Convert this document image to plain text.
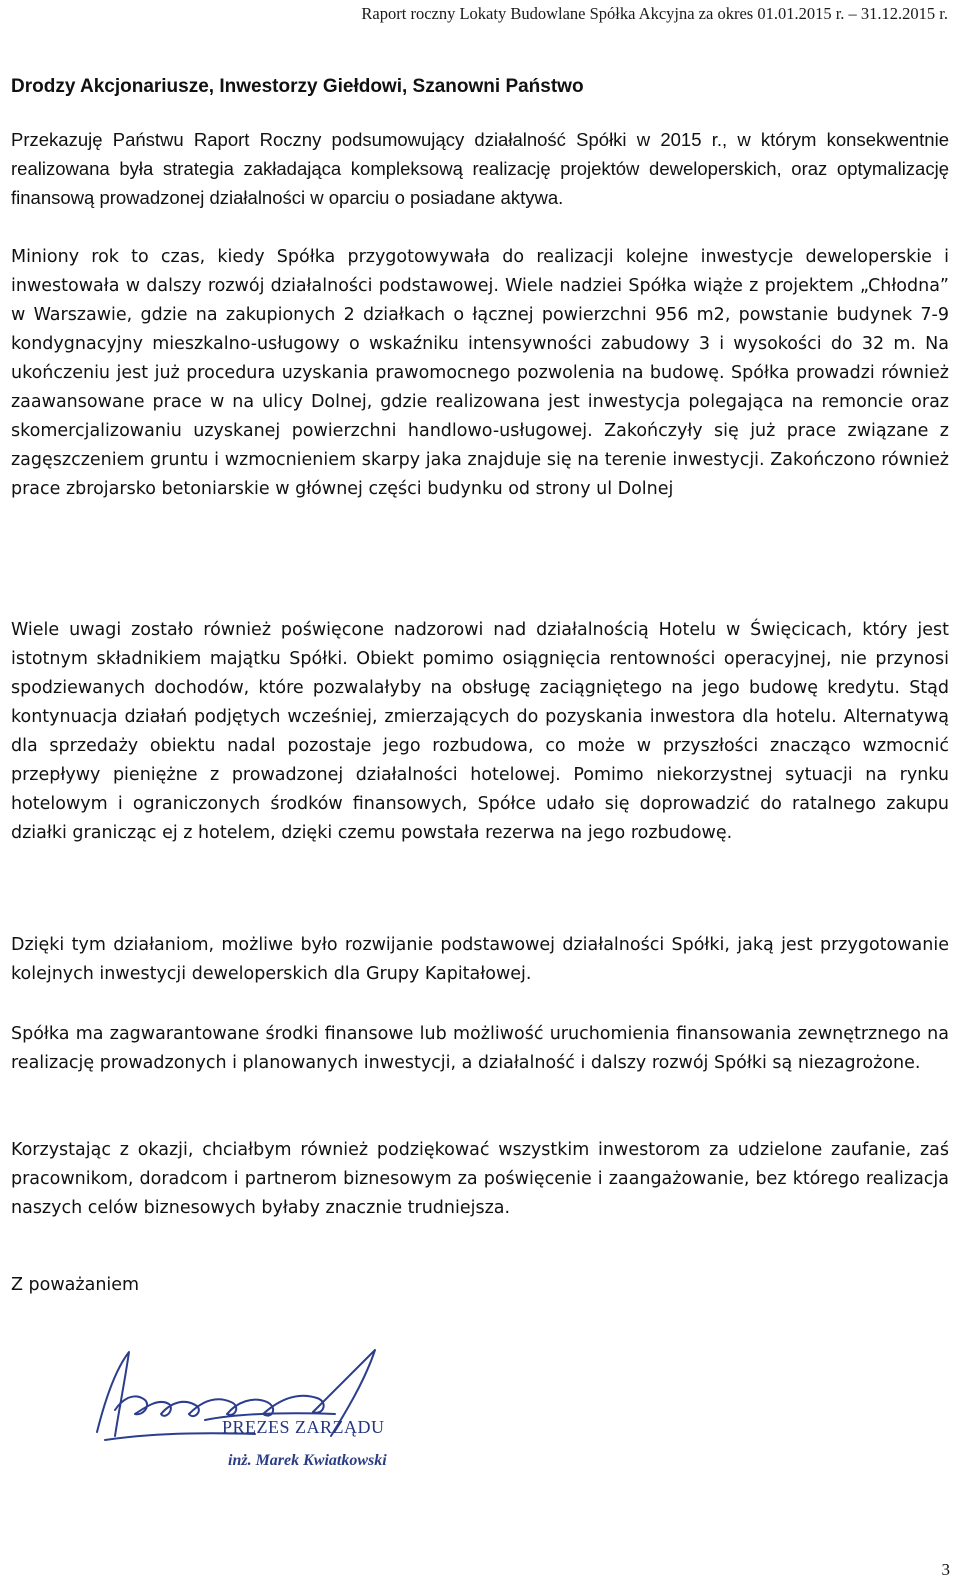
Raport roczny Lokaty Budowlane Spółka Akcyjna za okres 01.01.2015 r. – 31.12.2015 r.
Drodzy Akcjonariusze, Inwestorzy Giełdowi, Szanowni Państwo

Przekazuję Państwu Raport Roczny podsumowujący działalność Spółki w 2015 r., w którym konsekwentnie realizowana była strategia zakładająca kompleksową realizację projektów deweloperskich, oraz optymalizację finansową prowadzonej działalności w oparciu o posiadane aktywa.

Miniony rok to czas, kiedy Spółka przygotowywała do realizacji kolejne inwestycje deweloperskie i inwestowała w dalszy rozwój działalności podstawowej. Wiele nadziei Spółka wiąże z projektem „Chłodna” w Warszawie, gdzie na zakupionych 2 działkach o łącznej powierzchni 956 m2, powstanie budynek 7-9 kondygnacyjny mieszkalno-usługowy o wskaźniku intensywności zabudowy 3 i wysokości do 32 m. Na ukończeniu jest już procedura uzyskania prawomocnego pozwolenia na budowę. Spółka prowadzi również zaawansowane prace w na ulicy Dolnej, gdzie realizowana jest inwestycja polegająca na remoncie oraz skomercjalizowaniu uzyskanej powierzchni handlowo-usługowej. Zakończyły się już prace związane z zagęszczeniem gruntu i wzmocnieniem skarpy jaka znajduje się na terenie inwestycji. Zakończono również prace zbrojarsko betoniarskie w głównej części budynku od strony ul Dolnej

Wiele uwagi zostało również poświęcone nadzorowi nad działalnością Hotelu w Święcicach, który jest istotnym składnikiem majątku Spółki. Obiekt pomimo osiągnięcia rentowności operacyjnej, nie przynosi spodziewanych dochodów, które pozwalałyby na obsługę zaciągniętego na jego budowę kredytu. Stąd kontynuacja działań podjętych wcześniej, zmierzających do pozyskania inwestora dla hotelu. Alternatywą dla sprzedaży obiektu nadal pozostaje jego rozbudowa, co może w przyszłości znacząco wzmocnić przepływy pieniężne z prowadzonej działalności hotelowej. Pomimo niekorzystnej sytuacji na rynku hotelowym i ograniczonych środków finansowych, Spółce udało się doprowadzić do ratalnego zakupu działki granicząc ej z hotelem, dzięki czemu powstała rezerwa na jego rozbudowę.

Dzięki tym działaniom, możliwe było rozwijanie podstawowej działalności Spółki, jaką jest przygotowanie kolejnych inwestycji deweloperskich dla Grupy Kapitałowej.

Spółka ma zagwarantowane środki finansowe lub możliwość uruchomienia finansowania zewnętrznego na realizację prowadzonych i planowanych inwestycji, a działalność i dalszy rozwój Spółki są niezagrożone.

Korzystając z okazji, chciałbym również podziękować wszystkim inwestorom za udzielone zaufanie, zaś pracownikom, doradcom i partnerom biznesowym za poświęcenie i zaangażowanie, bez którego realizacja naszych celów biznesowych byłaby znacznie trudniejsza.

Z poważaniem
PREZES ZARZĄDU
inż. Marek Kwiatkowski
3
